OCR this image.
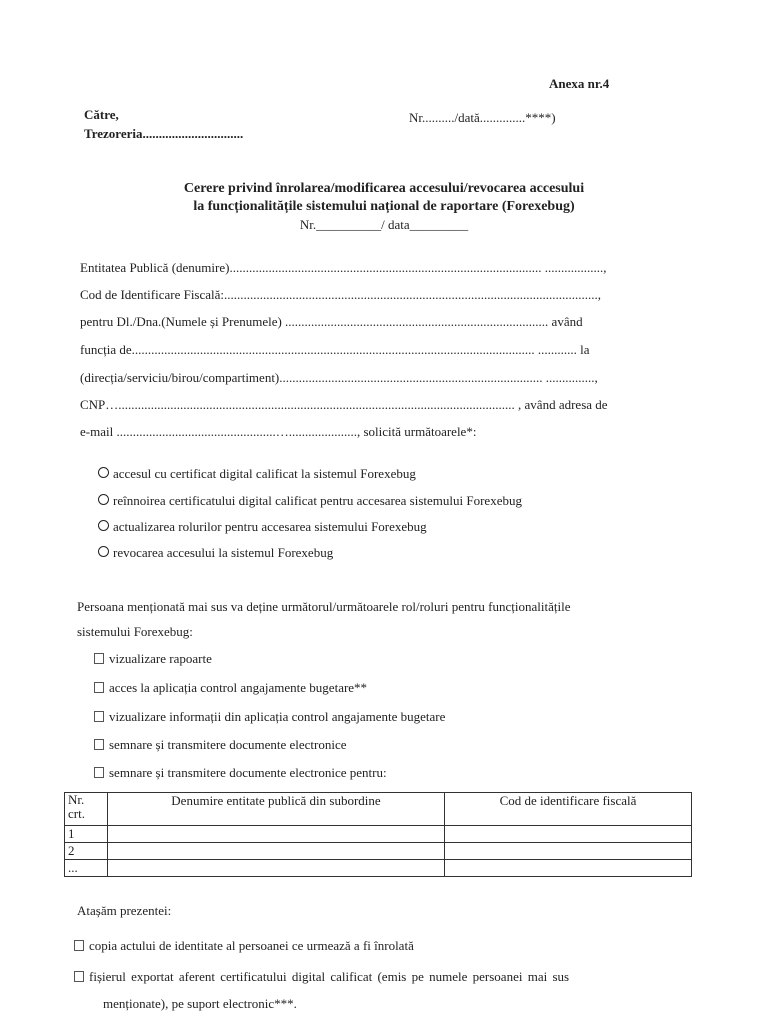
Anexa nr.4
Către,
Trezoreria...............................
Nr........../dată..............****)
Cerere privind înrolarea/modificarea accesului/revocarea accesului
la funcționalitățile sistemului național de raportare (Forexebug)
Nr.__________/ data_________
Entitatea Publică (denumire)................................................................................................ ..................,
Cod de Identificare Fiscală:...................................................................................................................,
pentru Dl./Dna.(Numele și Prenumele) ................................................................................. având
funcția de............................................................................................................................ ............ la
(direcția/serviciu/birou/compartiment)................................................................................. ...............,
CNP….......................................................................................................................... , având adresa de
e-mail .................................................…....................., solicită următoarele*:
accesul cu certificat digital calificat la sistemul Forexebug
reînnoirea certificatului digital calificat pentru accesarea sistemului Forexebug
actualizarea rolurilor pentru accesarea sistemului Forexebug
revocarea accesului la sistemul Forexebug
Persoana menționată mai sus va deține următorul/următoarele rol/roluri pentru funcționalitățile
sistemului Forexebug:
vizualizare rapoarte
acces la aplicația control angajamente bugetare**
vizualizare informații din aplicația control angajamente bugetare
semnare și transmitere documente electronice
semnare și transmitere documente electronice pentru:
Nr.
crt.	Denumire entitate publică din subordine	Cod de identificare fiscală
1		
2		
...		
Atașăm prezentei:
copia actului de identitate al persoanei ce urmează a fi înrolată
fișierul exportat aferent certificatului digital calificat (emis pe numele persoanei mai sus
menționate), pe suport electronic***.
